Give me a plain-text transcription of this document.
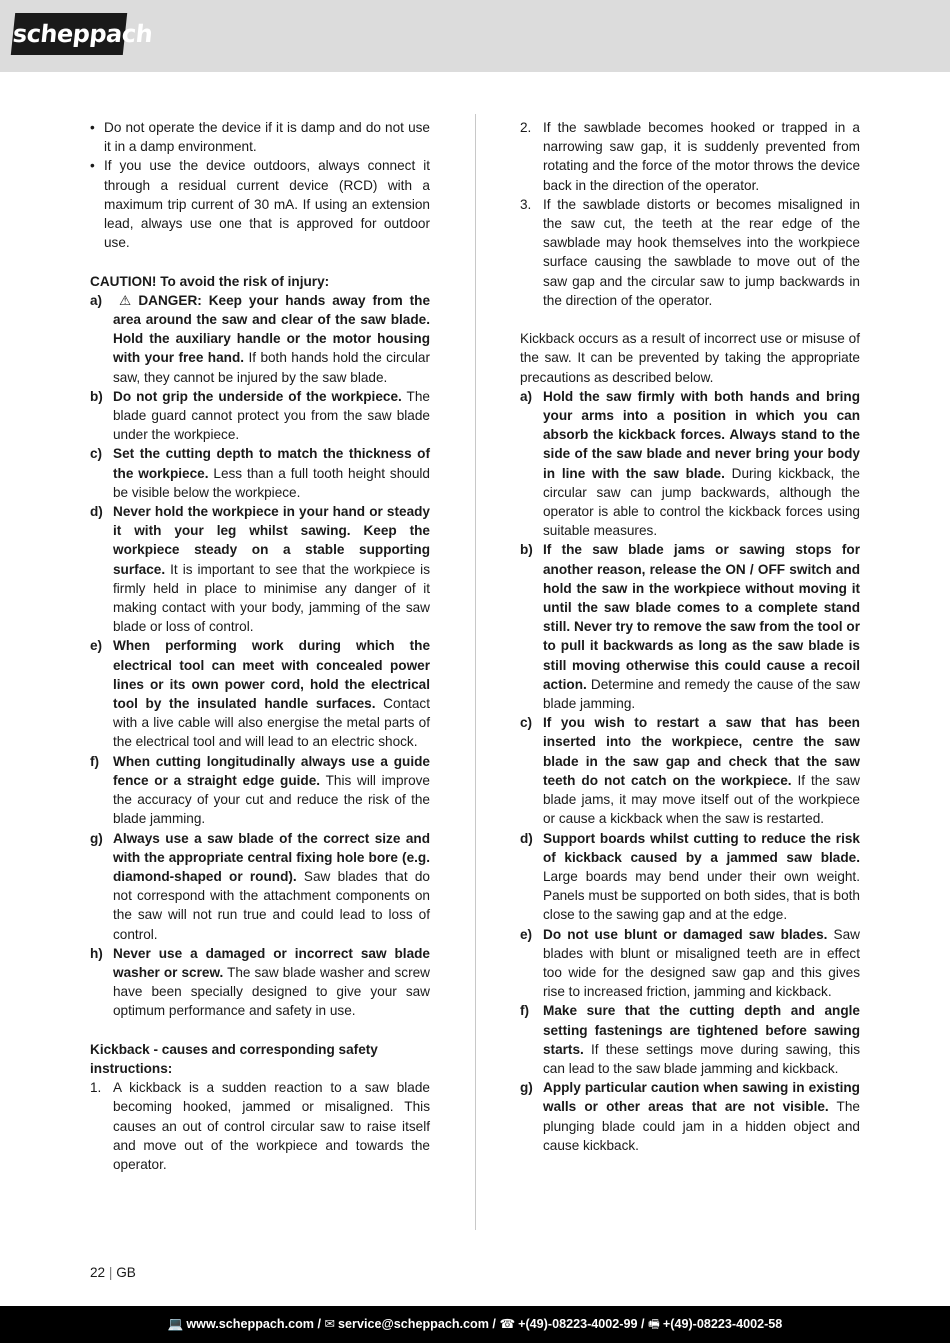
scheppach
• Do not operate the device if it is damp and do not use it in a damp environment.
• If you use the device outdoors, always connect it through a residual current device (RCD) with a maximum trip current of 30 mA. If using an extension lead, always use one that is approved for outdoor use.
CAUTION! To avoid the risk of injury:
a) ⚠ DANGER: Keep your hands away from the area around the saw and clear of the saw blade. Hold the auxiliary handle or the motor housing with your free hand. If both hands hold the circular saw, they cannot be injured by the saw blade.
b) Do not grip the underside of the workpiece. The blade guard cannot protect you from the saw blade under the workpiece.
c) Set the cutting depth to match the thickness of the workpiece. Less than a full tooth height should be visible below the workpiece.
d) Never hold the workpiece in your hand or steady it with your leg whilst sawing. Keep the workpiece steady on a stable supporting surface. It is important to see that the workpiece is firmly held in place to minimise any danger of it making contact with your body, jamming of the saw blade or loss of control.
e) When performing work during which the electrical tool can meet with concealed power lines or its own power cord, hold the electrical tool by the insulated handle surfaces. Contact with a live cable will also energise the metal parts of the electrical tool and will lead to an electric shock.
f) When cutting longitudinally always use a guide fence or a straight edge guide. This will improve the accuracy of your cut and reduce the risk of the blade jamming.
g) Always use a saw blade of the correct size and with the appropriate central fixing hole bore (e.g. diamond-shaped or round). Saw blades that do not correspond with the attachment components on the saw will not run true and could lead to loss of control.
h) Never use a damaged or incorrect saw blade washer or screw. The saw blade washer and screw have been specially designed to give your saw optimum performance and safety in use.
Kickback - causes and corresponding safety instructions:
1. A kickback is a sudden reaction to a saw blade becoming hooked, jammed or misaligned. This causes an out of control circular saw to raise itself and move out of the workpiece and towards the operator.
2. If the sawblade becomes hooked or trapped in a narrowing saw gap, it is suddenly prevented from rotating and the force of the motor throws the device back in the direction of the operator.
3. If the sawblade distorts or becomes misaligned in the saw cut, the teeth at the rear edge of the sawblade may hook themselves into the workpiece surface causing the sawblade to move out of the saw gap and the circular saw to jump backwards in the direction of the operator.
Kickback occurs as a result of incorrect use or misuse of the saw. It can be prevented by taking the appropriate precautions as described below.
a) Hold the saw firmly with both hands and bring your arms into a position in which you can absorb the kickback forces. Always stand to the side of the saw blade and never bring your body in line with the saw blade. During kickback, the circular saw can jump backwards, although the operator is able to control the kickback forces using suitable measures.
b) If the saw blade jams or sawing stops for another reason, release the ON / OFF switch and hold the saw in the workpiece without moving it until the saw blade comes to a complete stand still. Never try to remove the saw from the tool or to pull it backwards as long as the saw blade is still moving otherwise this could cause a recoil action. Determine and remedy the cause of the saw blade jamming.
c) If you wish to restart a saw that has been inserted into the workpiece, centre the saw blade in the saw gap and check that the saw teeth do not catch on the workpiece. If the saw blade jams, it may move itself out of the workpiece or cause a kickback when the saw is restarted.
d) Support boards whilst cutting to reduce the risk of kickback caused by a jammed saw blade. Large boards may bend under their own weight. Panels must be supported on both sides, that is both close to the sawing gap and at the edge.
e) Do not use blunt or damaged saw blades. Saw blades with blunt or misaligned teeth are in effect too wide for the designed saw gap and this gives rise to increased friction, jamming and kickback.
f) Make sure that the cutting depth and angle setting fastenings are tightened before sawing starts. If these settings move during sawing, this can lead to the saw blade jamming and kickback.
g) Apply particular caution when sawing in existing walls or other areas that are not visible. The plunging blade could jam in a hidden object and cause kickback.
22 | GB
💻 www.scheppach.com / ✉ service@scheppach.com / ☎ +(49)-08223-4002-99 / 🖷 +(49)-08223-4002-58
